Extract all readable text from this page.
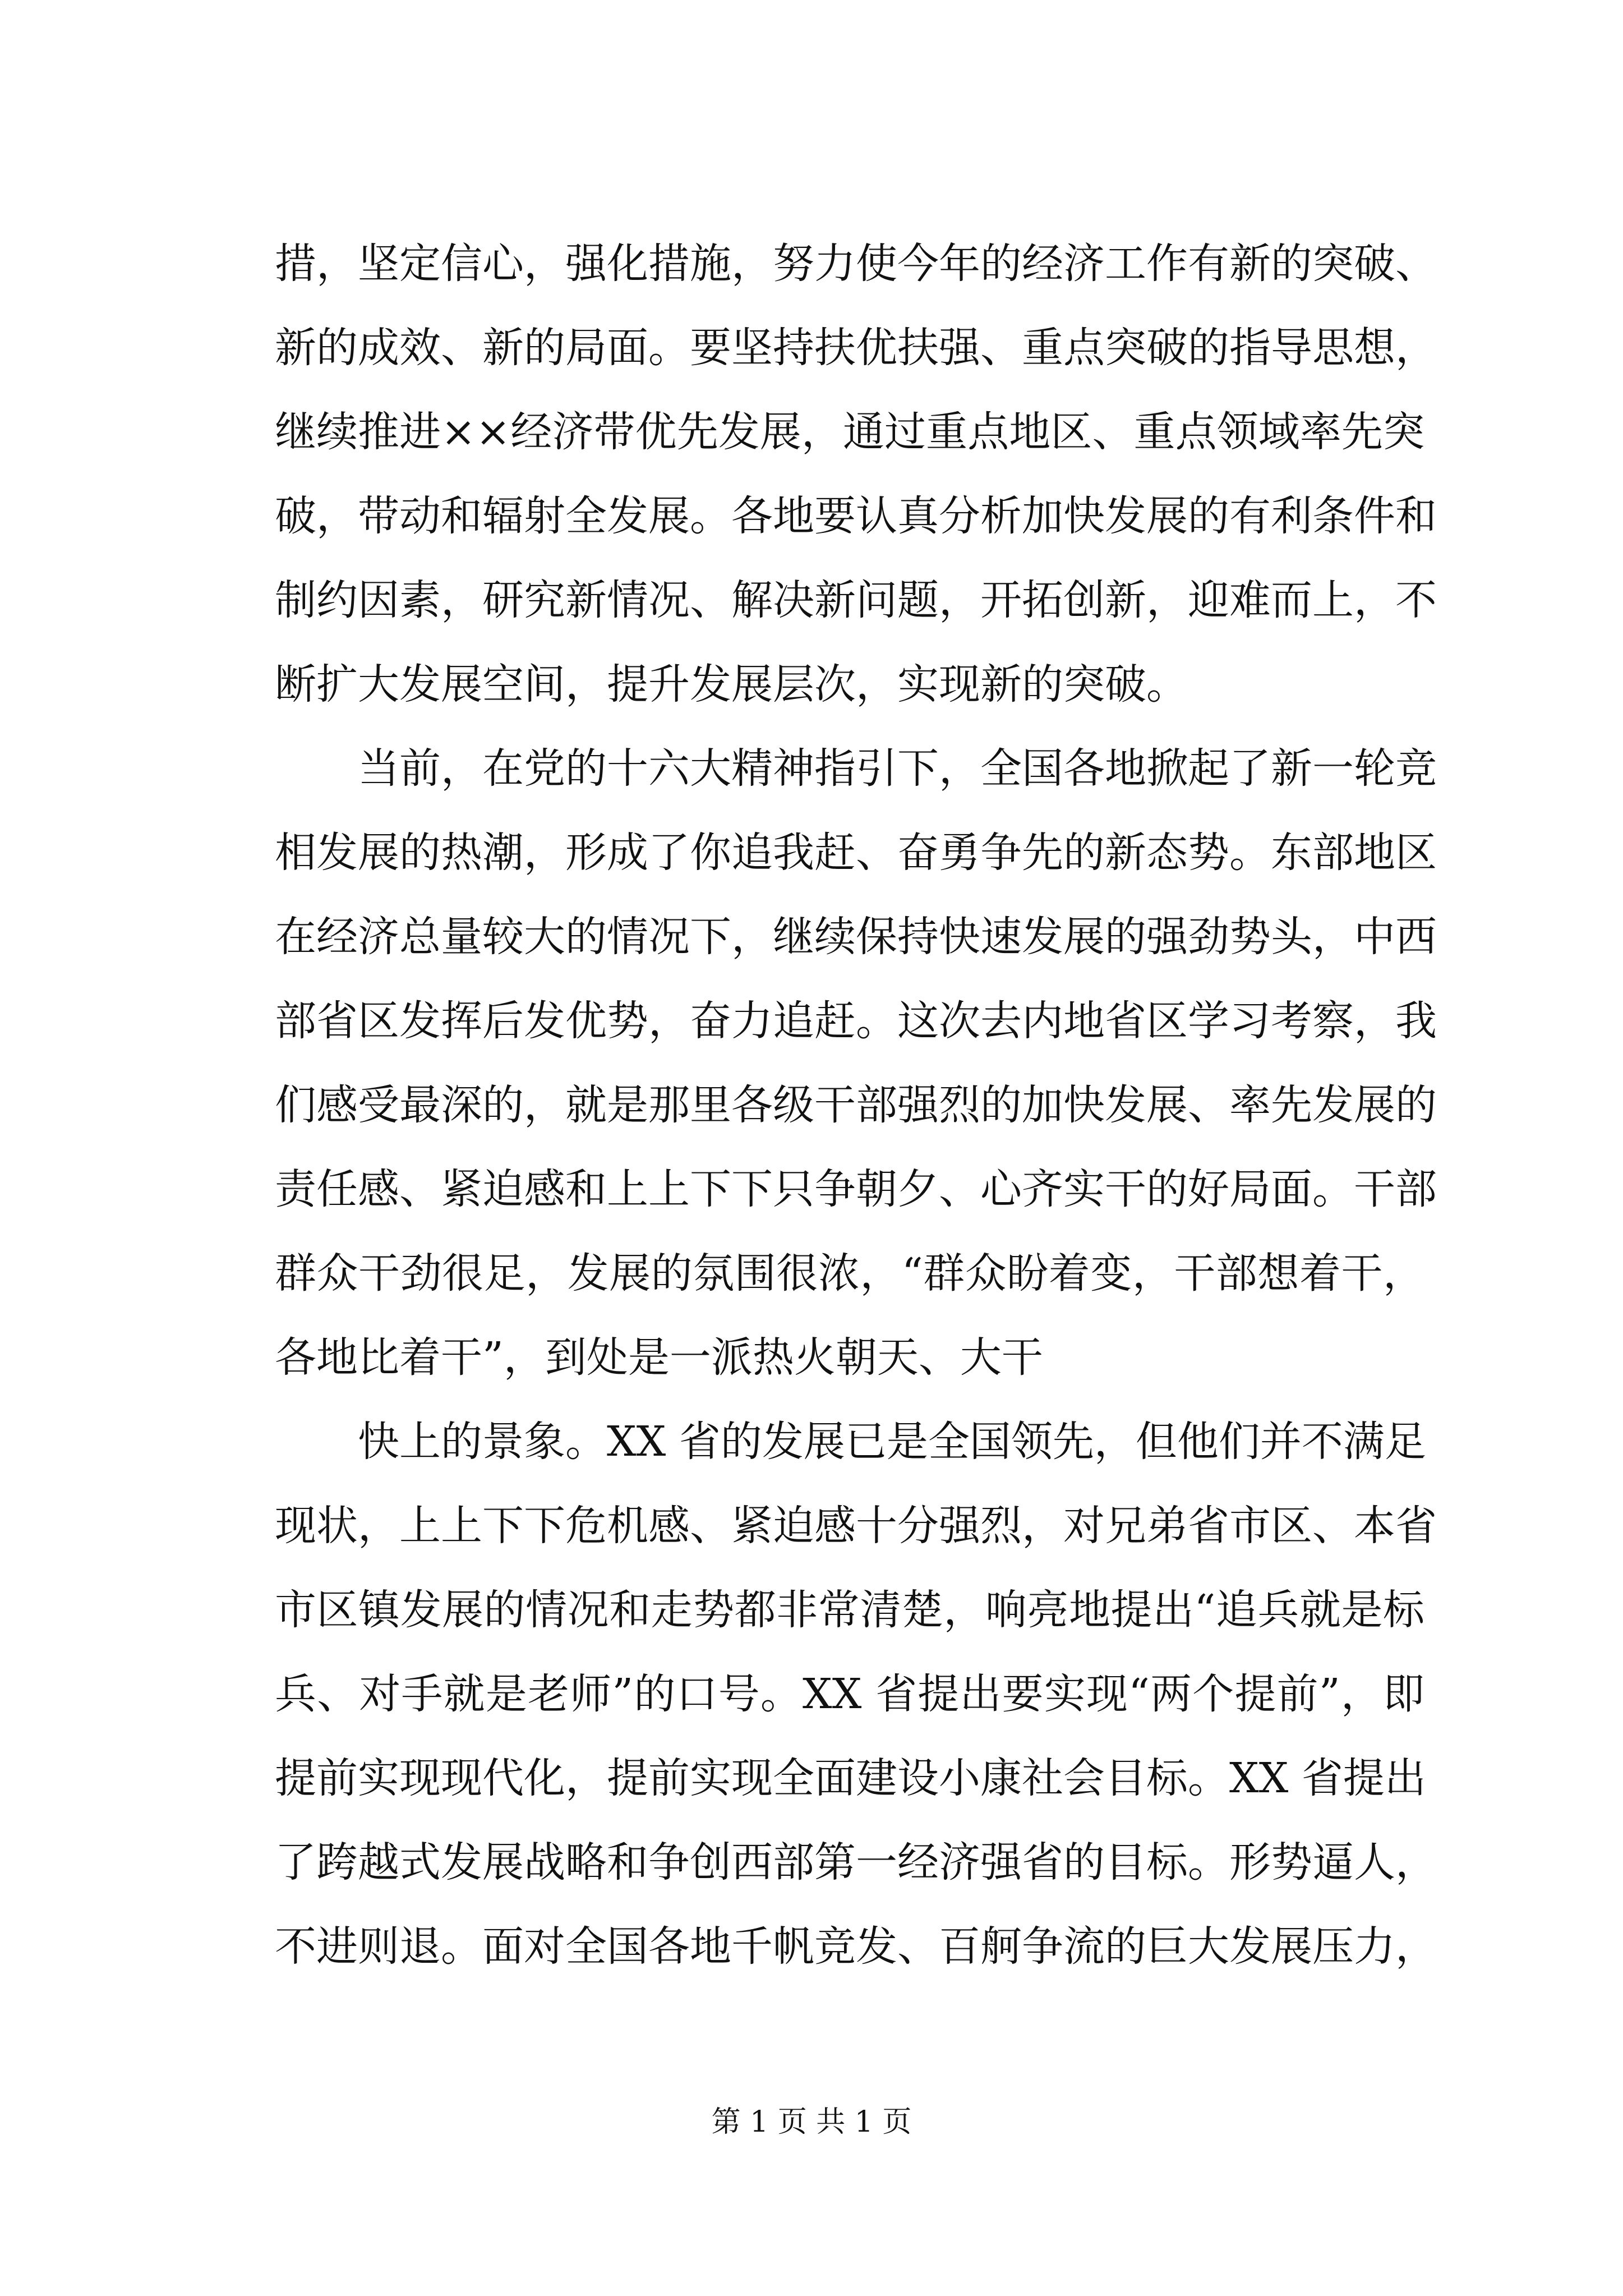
措，坚定信心，强化措施，努力使今年的经济工作有新的突破、
新的成效、新的局面。要坚持扶优扶强、重点突破的指导思想，
继续推进××经济带优先发展，通过重点地区、重点领域率先突
破，带动和辐射全发展。各地要认真分析加快发展的有利条件和
制约因素，研究新情况、解决新问题，开拓创新，迎难而上，不
断扩大发展空间，提升发展层次，实现新的突破。
当前，在党的十六大精神指引下，全国各地掀起了新一轮竞
相发展的热潮，形成了你追我赶、奋勇争先的新态势。东部地区
在经济总量较大的情况下，继续保持快速发展的强劲势头，中西
部省区发挥后发优势，奋力追赶。这次去内地省区学习考察，我
们感受最深的，就是那里各级干部强烈的加快发展、率先发展的
责任感、紧迫感和上上下下只争朝夕、心齐实干的好局面。干部
群众干劲很足，发展的氛围很浓，“群众盼着变，干部想着干，
各地比着干”，到处是一派热火朝天、大干
快上的景象。XX 省的发展已是全国领先，但他们并不满足
现状，上上下下危机感、紧迫感十分强烈，对兄弟省市区、本省
市区镇发展的情况和走势都非常清楚，响亮地提出“追兵就是标
兵、对手就是老师”的口号。XX 省提出要实现“两个提前”，即
提前实现现代化，提前实现全面建设小康社会目标。XX 省提出
了跨越式发展战略和争创西部第一经济强省的目标。形势逼人，
不进则退。面对全国各地千帆竞发、百舸争流的巨大发展压力，
第 1 页 共 1 页
